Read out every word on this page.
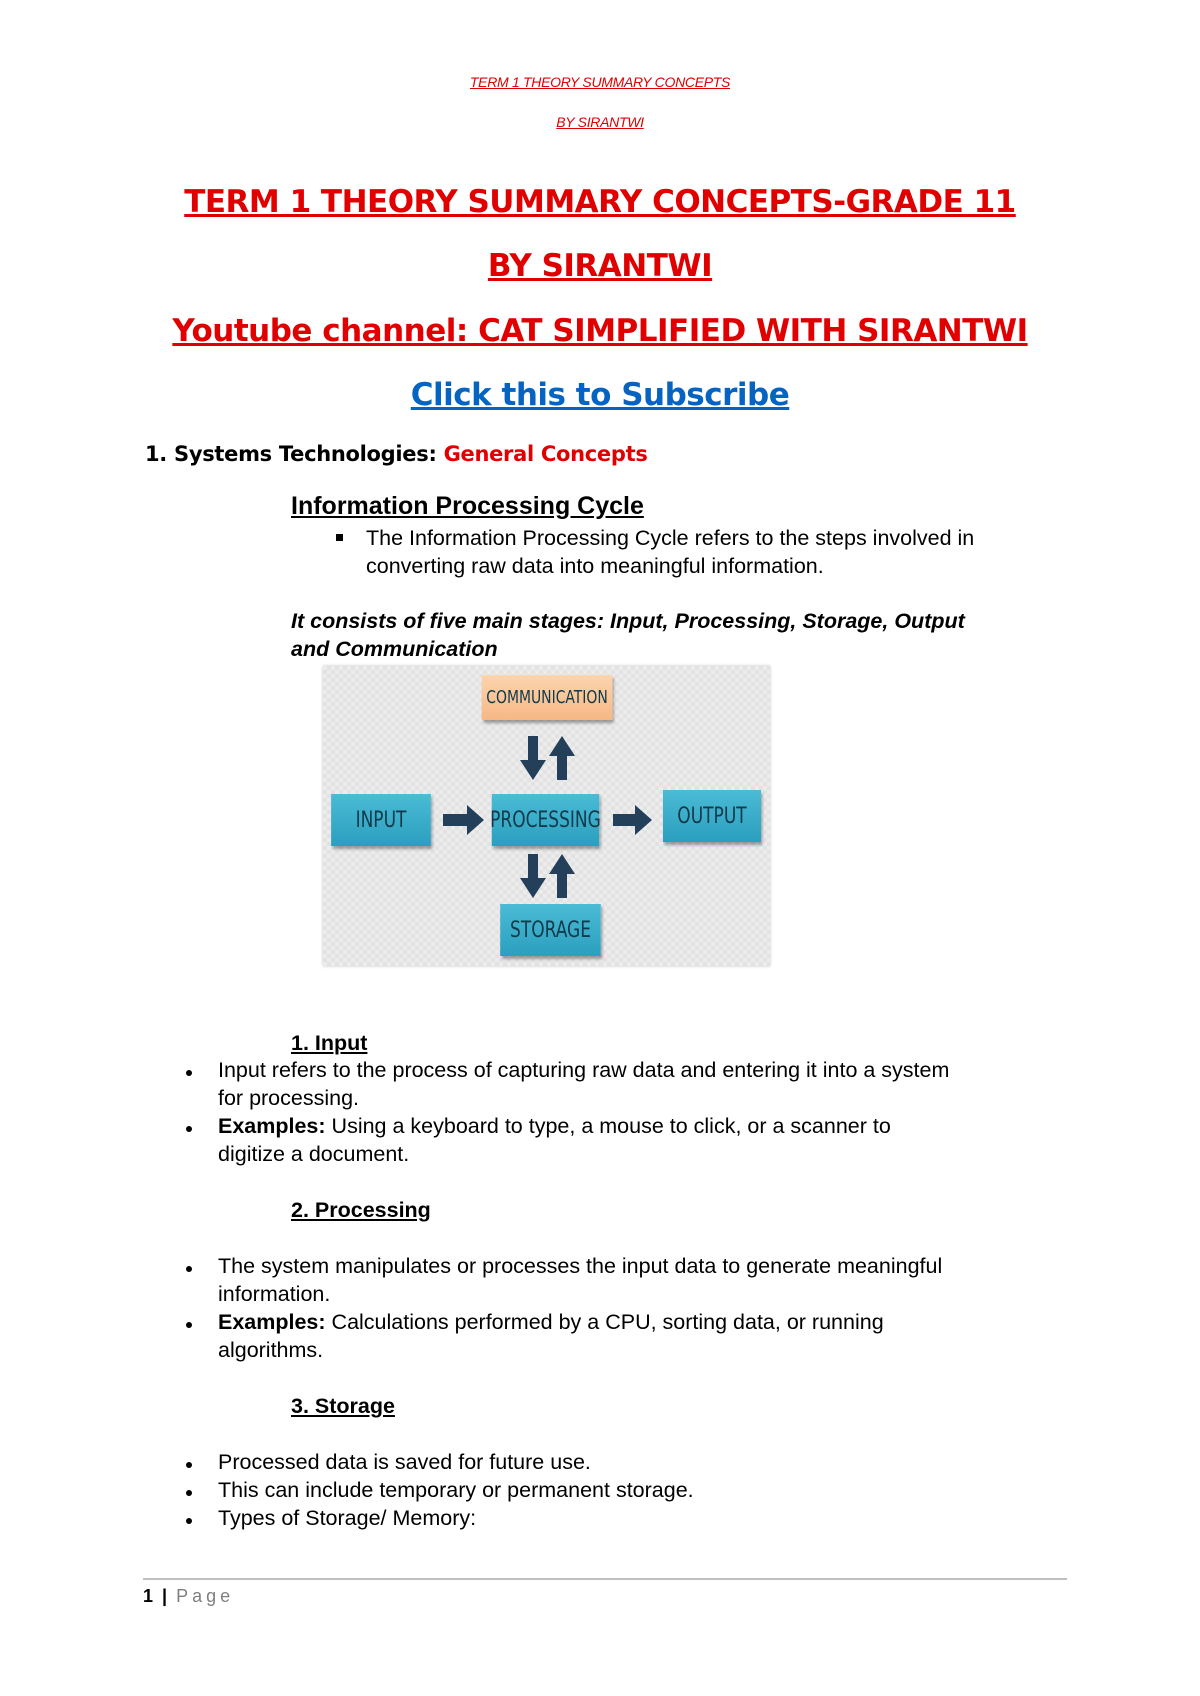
TERM 1 THEORY SUMMARY CONCEPTS
BY SIRANTWI
TERM 1 THEORY SUMMARY CONCEPTS-GRADE 11
BY SIRANTWI
Youtube channel: CAT SIMPLIFIED WITH SIRANTWI
Click this to Subscribe
1. Systems Technologies: General Concepts
Information Processing Cycle
The Information Processing Cycle refers to the steps involved in converting raw data into meaningful information.
It consists of five main stages: Input, Processing, Storage, Output
and Communication
COMMUNICATION
INPUT	PROCESSING	OUTPUT
STORAGE
1. Input
Input refers to the process of capturing raw data and entering it into a system
for processing.
Examples: Using a keyboard to type, a mouse to click, or a scanner to
digitize a document.
2. Processing
The system manipulates or processes the input data to generate meaningful
information.
Examples: Calculations performed by a CPU, sorting data, or running
algorithms.
3. Storage
Processed data is saved for future use.
This can include temporary or permanent storage.
Types of Storage/ Memory:
1 | Page
